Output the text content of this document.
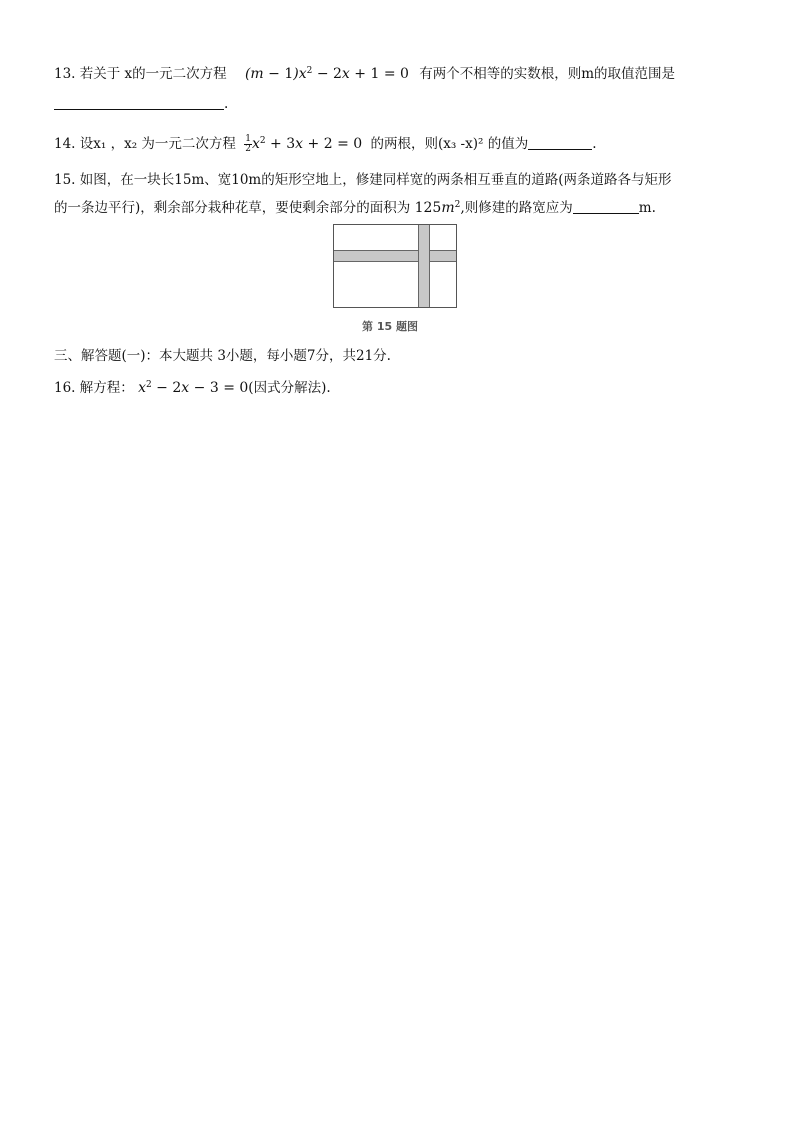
13. 若关于 x的一元二次方程 $(m - 1)x^2 - 2x + 1 = 0$ 有两个不相等的实数根，则m的取值范围是
.
14. 设x₁ ，x₂ 为一元二次方程 $\frac{1}{2} x^2 + 3x + 2 = 0$ 的两根，则(x₃ -x)² 的值为	.
15. 如图，在一块长15m、宽10m的矩形空地上，修建同样宽的两条相互垂直的道路(两条道路各与矩形
的一条边平行)，剩余部分栽种花草，要使剩余部分的面积为 $125m^2$,则修建的路宽应为	m.
第 15 题图
三、解答题(一)：本大题共 3小题，每小题7分，共21分.
16. 解方程： $x^2 - 2x - 3 = 0$(因式分解法).
